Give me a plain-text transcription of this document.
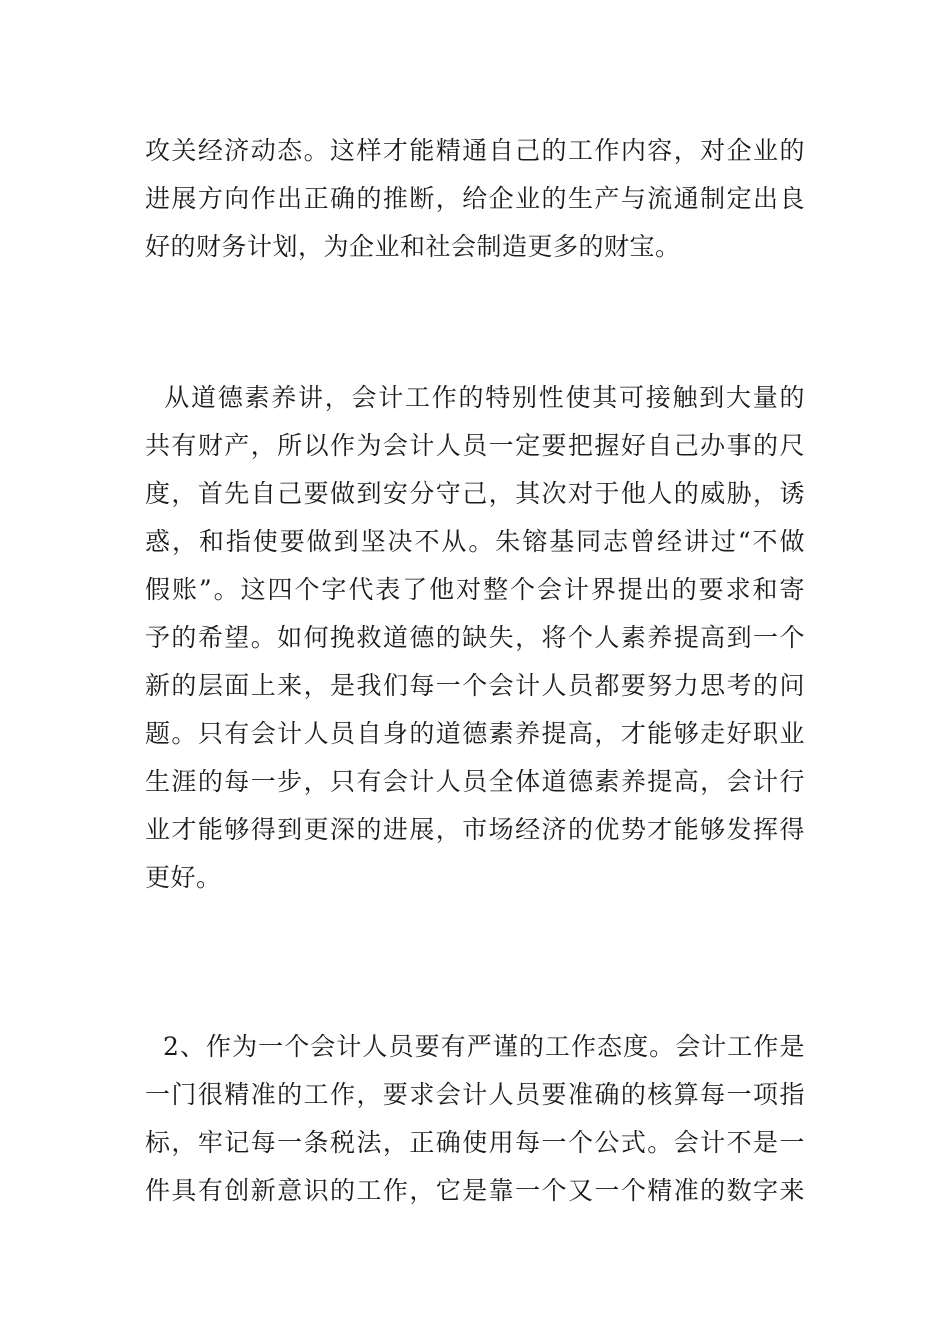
攻关经济动态。这样才能精通自己的工作内容，对企业的
进展方向作出正确的推断，给企业的生产与流通制定出良
好的财务计划，为企业和社会制造更多的财宝。
从道德素养讲，会计工作的特别性使其可接触到大量的
共有财产，所以作为会计人员一定要把握好自己办事的尺
度，首先自己要做到安分守己，其次对于他人的威胁，诱
惑，和指使要做到坚决不从。朱镕基同志曾经讲过“不做
假账”。这四个字代表了他对整个会计界提出的要求和寄
予的希望。如何挽救道德的缺失，将个人素养提高到一个
新的层面上来，是我们每一个会计人员都要努力思考的问
题。只有会计人员自身的道德素养提高，才能够走好职业
生涯的每一步，只有会计人员全体道德素养提高，会计行
业才能够得到更深的进展，市场经济的优势才能够发挥得
更好。
2、作为一个会计人员要有严谨的工作态度。会计工作是
一门很精准的工作，要求会计人员要准确的核算每一项指
标，牢记每一条税法，正确使用每一个公式。会计不是一
件具有创新意识的工作，它是靠一个又一个精准的数字来
